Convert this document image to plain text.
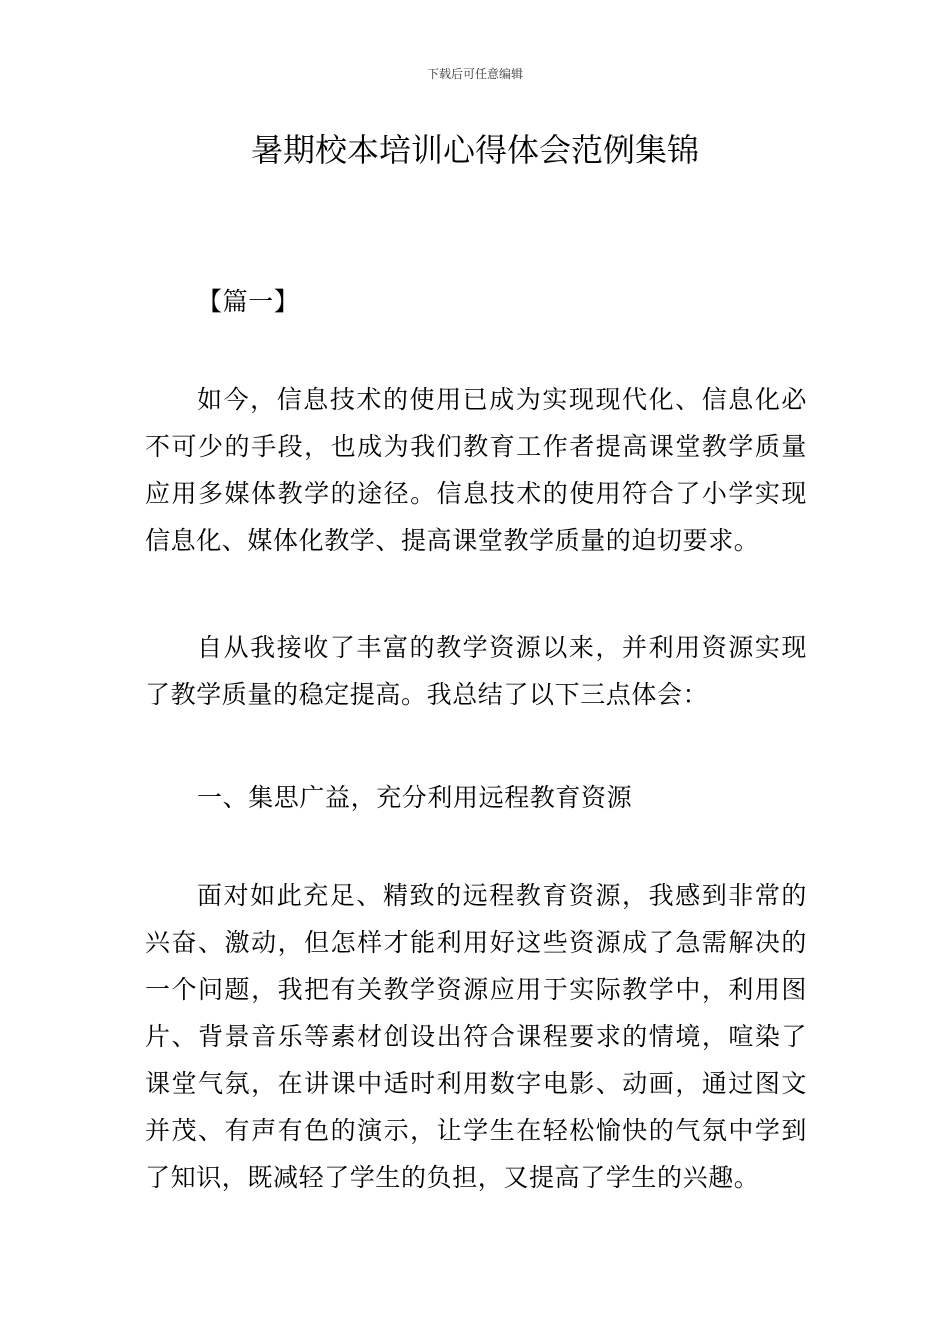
下载后可任意编辑
暑期校本培训心得体会范例集锦
【篇一】

如今，信息技术的使用已成为实现现代化、信息化必不可少的手段，也成为我们教育工作者提高课堂教学质量应用多媒体教学的途径。信息技术的使用符合了小学实现信息化、媒体化教学、提高课堂教学质量的迫切要求。

自从我接收了丰富的教学资源以来，并利用资源实现了教学质量的稳定提高。我总结了以下三点体会：

一、集思广益，充分利用远程教育资源

面对如此充足、精致的远程教育资源，我感到非常的兴奋、激动，但怎样才能利用好这些资源成了急需解决的一个问题，我把有关教学资源应用于实际教学中，利用图片、背景音乐等素材创设出符合课程要求的情境，喧染了课堂气氛，在讲课中适时利用数字电影、动画，通过图文并茂、有声有色的演示，让学生在轻松愉快的气氛中学到了知识，既减轻了学生的负担，又提高了学生的兴趣。
